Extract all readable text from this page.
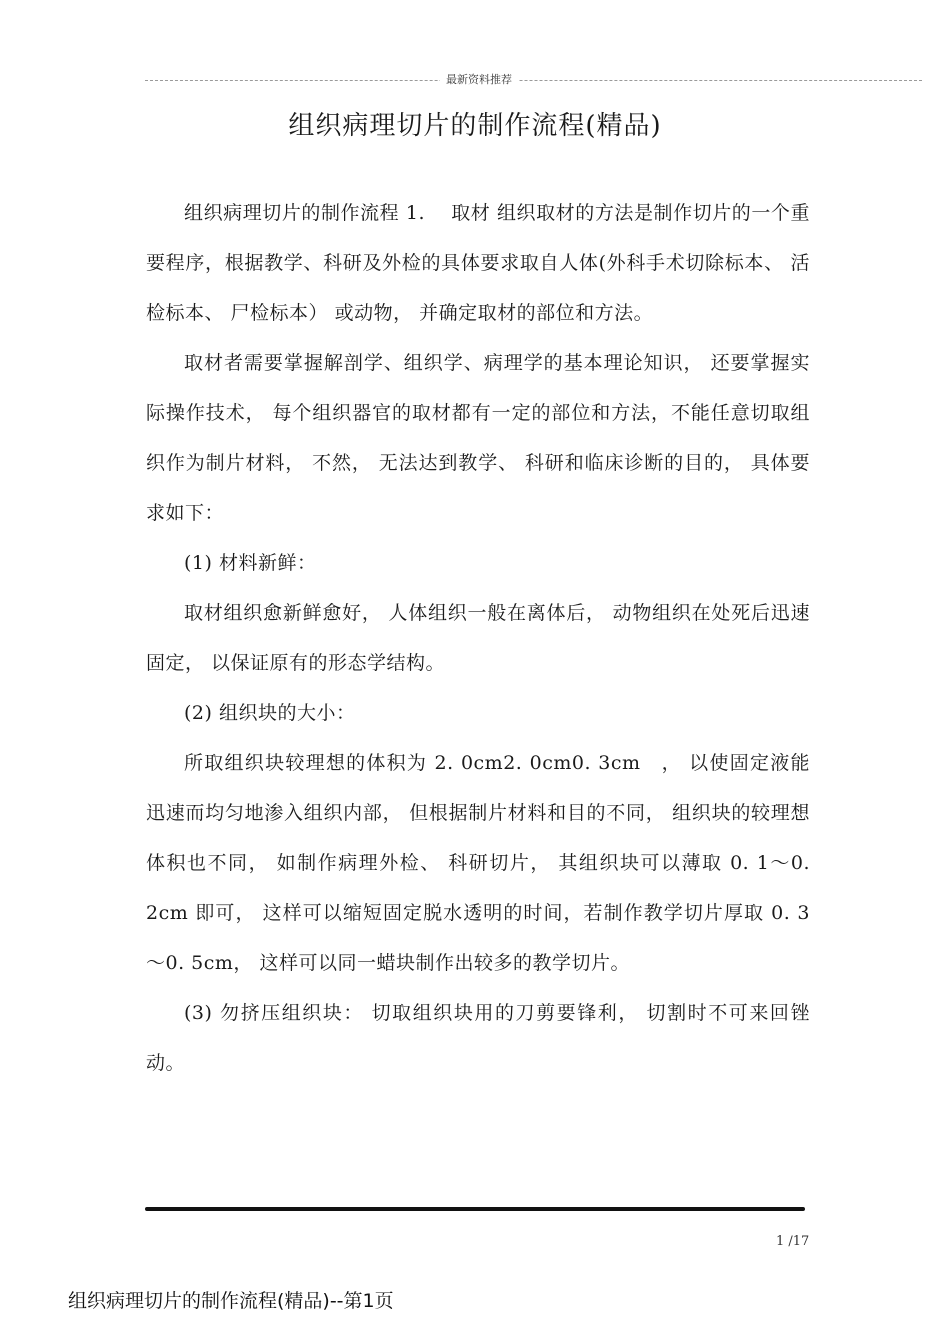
最新资料推荐
组织病理切片的制作流程(精品)

组织病理切片的制作流程 1.　 取材 组织取材的方法是制作切片的一个重要程序，根据教学、科研及外检的具体要求取自人体(外科手术切除标本、 活检标本、 尸检标本） 或动物， 并确定取材的部位和方法。

取材者需要掌握解剖学、组织学、病理学的基本理论知识， 还要掌握实际操作技术， 每个组织器官的取材都有一定的部位和方法，不能任意切取组织作为制片材料， 不然， 无法达到教学、 科研和临床诊断的目的， 具体要求如下：

(1) 材料新鲜：

取材组织愈新鲜愈好， 人体组织一般在离体后， 动物组织在处死后迅速固定， 以保证原有的形态学结构。

(2) 组织块的大小：

所取组织块较理想的体积为 2. 0cm2. 0cm0. 3cm　， 以使固定液能迅速而均匀地渗入组织内部， 但根据制片材料和目的不同， 组织块的较理想体积也不同， 如制作病理外检、 科研切片， 其组织块可以薄取 0. 1～0. 2cm 即可， 这样可以缩短固定脱水透明的时间，若制作教学切片厚取 0. 3 ～0. 5cm， 这样可以同一蜡块制作出较多的教学切片。

(3) 勿挤压组织块： 切取组织块用的刀剪要锋利， 切割时不可来回锉动。

1 /17
组织病理切片的制作流程(精品)--第1页
